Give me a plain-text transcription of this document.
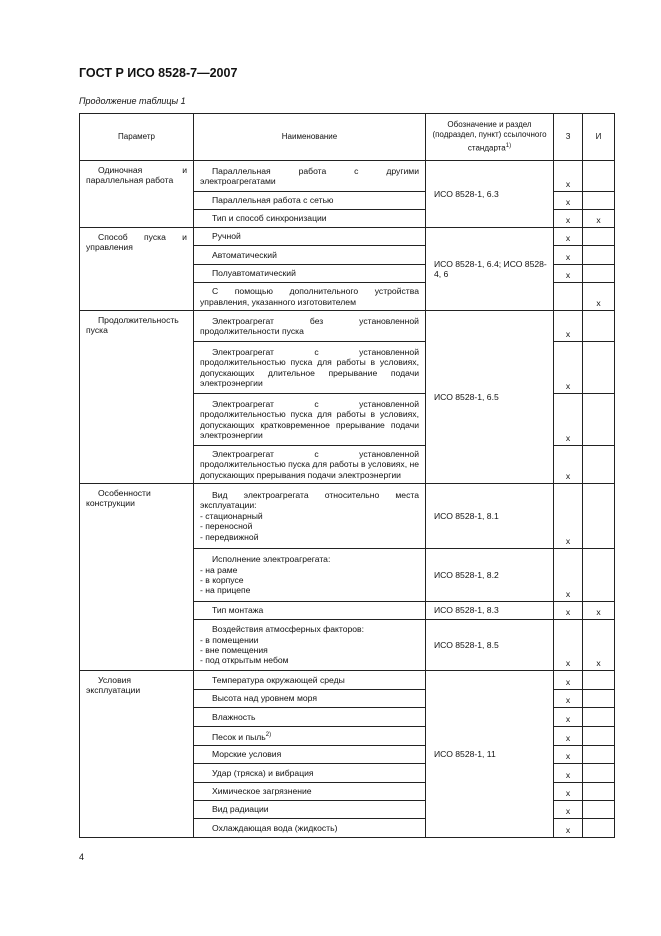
ГОСТ Р ИСО 8528-7—2007
Продолжение таблицы 1
Параметр	Наименование	Обозначение и раздел (подраздел, пункт) ссылочного стандарта$^{1)}$	З	И
Одиночная и параллельная работа	Параллельная работа с другими электроагрегатами	ИСО 8528-1, 6.3	x	
	Параллельная работа с сетью		x	
	Тип и способ синхронизации		x	x
Способ пуска и управления	Ручной	ИСО 8528-1, 6.4; ИСО 8528-4, 6	x	
	Автоматический		x	
	Полуавтоматический		x	
	С помощью дополнительного устройства управления, указанного изготовителем			x
Продолжительность пуска	Электроагрегат без установленной продолжительности пуска	ИСО 8528-1, 6.5	x	
	Электроагрегат с установленной продолжительностью пуска для работы в условиях, допускающих длительное прерывание подачи электроэнергии		x	
	Электроагрегат с установленной продолжительностью пуска для работы в условиях, допускающих кратковременное прерывание подачи электроэнергии		x	
	Электроагрегат с установленной продолжительностью пуска для работы в условиях, не допускающих прерывания подачи электроэнергии		x	
Особенности конструкции	Вид электроагрегата относительно места эксплуатации:
- стационарный
- переносной
- передвижной	ИСО 8528-1, 8.1	x	
	Исполнение электроагрегата:
- на раме
- в корпусе
- на прицепе	ИСО 8528-1, 8.2	x	
	Тип монтажа	ИСО 8528-1, 8.3	x	x
	Воздействия атмосферных факторов:
- в помещении
- вне помещения
- под открытым небом	ИСО 8528-1, 8.5	x	x
Условия эксплуатации	Температура окружающей среды	ИСО 8528-1, 11	x	
	Высота над уровнем моря		x	
	Влажность		x	
	Песок и пыль$^{2)}$		x	
	Морские условия		x	
	Удар (тряска) и вибрация		x	
	Химическое загрязнение		x	
	Вид радиации		x	
	Охлаждающая вода (жидкость)		x	
4
